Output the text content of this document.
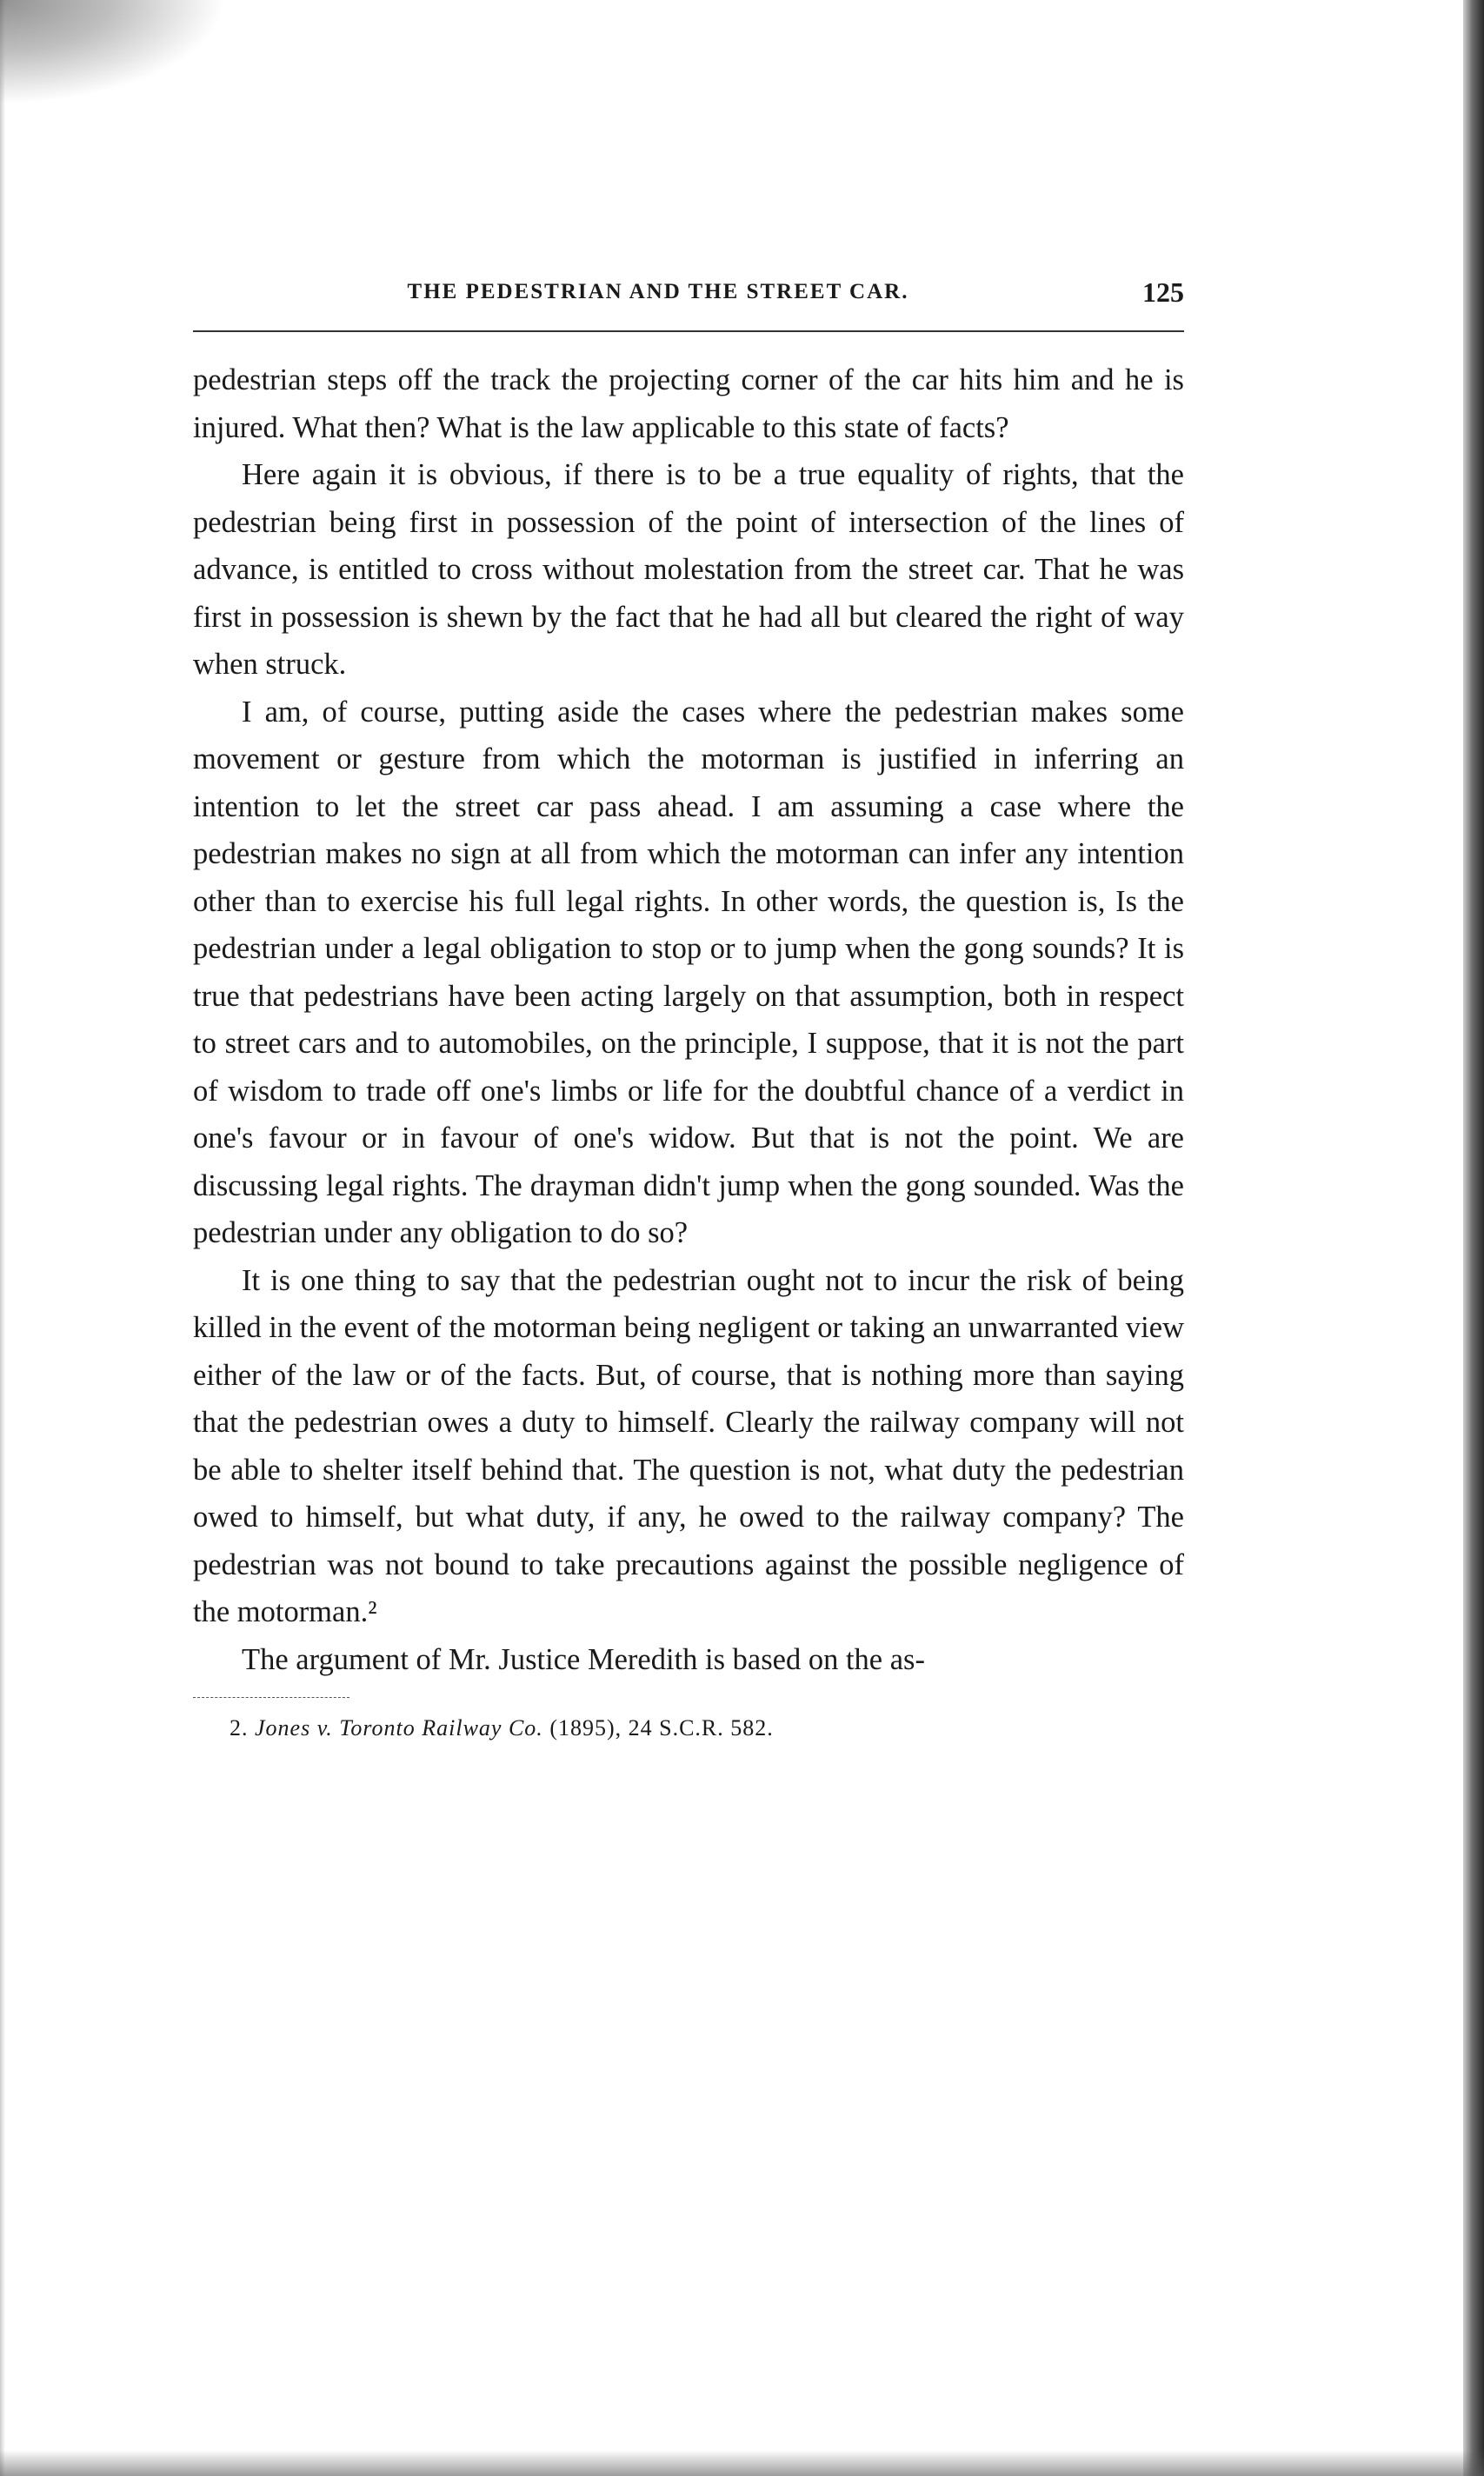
THE PEDESTRIAN AND THE STREET CAR.	125

pedestrian steps off the track the projecting corner of the car hits him and he is injured. What then? What is the law applicable to this state of facts?

Here again it is obvious, if there is to be a true equality of rights, that the pedestrian being first in possession of the point of intersection of the lines of advance, is entitled to cross without molestation from the street car. That he was first in possession is shewn by the fact that he had all but cleared the right of way when struck.

I am, of course, putting aside the cases where the pedestrian makes some movement or gesture from which the motorman is justified in inferring an intention to let the street car pass ahead. I am assuming a case where the pedestrian makes no sign at all from which the motorman can infer any intention other than to exercise his full legal rights. In other words, the question is, Is the pedestrian under a legal obligation to stop or to jump when the gong sounds? It is true that pedestrians have been acting largely on that assumption, both in respect to street cars and to automobiles, on the principle, I suppose, that it is not the part of wisdom to trade off one's limbs or life for the doubtful chance of a verdict in one's favour or in favour of one's widow. But that is not the point. We are discussing legal rights. The drayman didn't jump when the gong sounded. Was the pedestrian under any obligation to do so?

It is one thing to say that the pedestrian ought not to incur the risk of being killed in the event of the motorman being negligent or taking an unwarranted view either of the law or of the facts. But, of course, that is nothing more than saying that the pedestrian owes a duty to himself. Clearly the railway company will not be able to shelter itself behind that. The question is not, what duty the pedestrian owed to himself, but what duty, if any, he owed to the railway company? The pedestrian was not bound to take precautions against the possible negligence of the motorman.²

The argument of Mr. Justice Meredith is based on the as-

2. Jones v. Toronto Railway Co. (1895), 24 S.C.R. 582.
